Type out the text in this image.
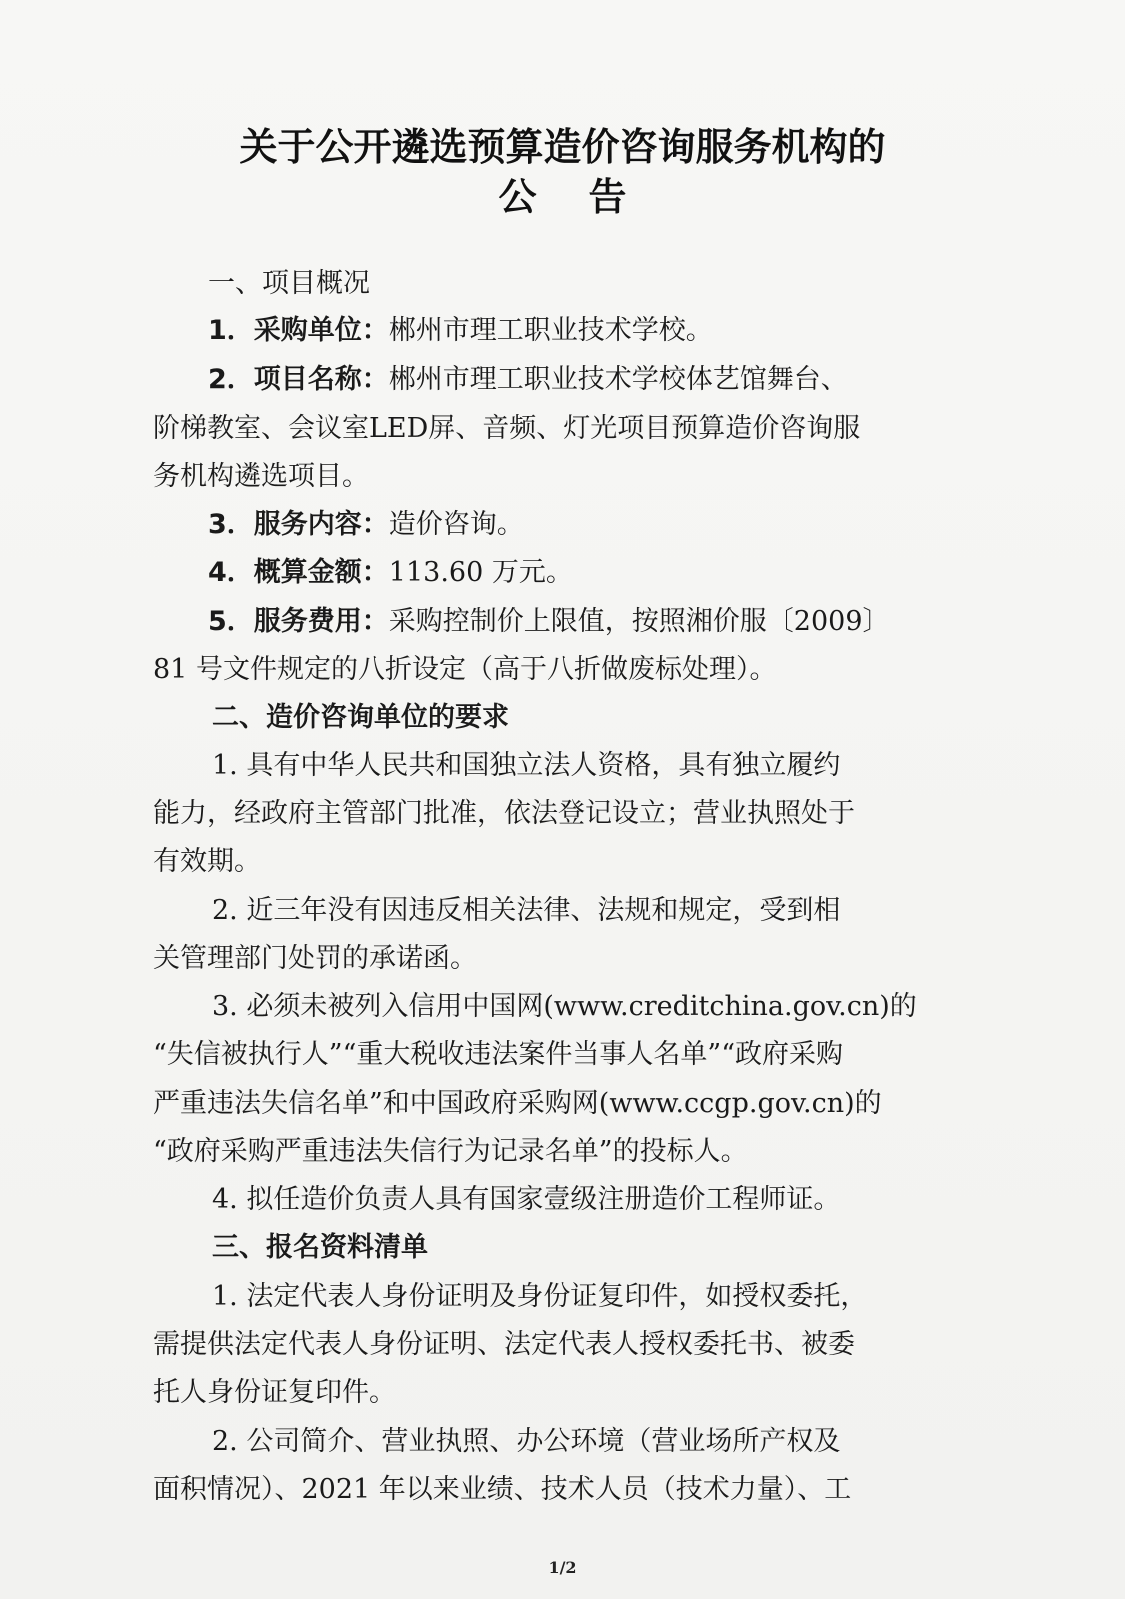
关于公开遴选预算造价咨询服务机构的
公告
一、项目概况
1．采购单位：郴州市理工职业技术学校。
2．项目名称：郴州市理工职业技术学校体艺馆舞台、
阶梯教室、会议室LED屏、音频、灯光项目预算造价咨询服
务机构遴选项目。
3．服务内容：造价咨询。
4．概算金额：113.60 万元。
5．服务费用：采购控制价上限值，按照湘价服〔2009〕
81 号文件规定的八折设定（高于八折做废标处理）。
二、造价咨询单位的要求
1. 具有中华人民共和国独立法人资格，具有独立履约
能力，经政府主管部门批准，依法登记设立；营业执照处于
有效期。
2. 近三年没有因违反相关法律、法规和规定，受到相
关管理部门处罚的承诺函。
3. 必须未被列入信用中国网(www.creditchina.gov.cn)的
“失信被执行人”“重大税收违法案件当事人名单”“政府采购
严重违法失信名单”和中国政府采购网(www.ccgp.gov.cn)的
“政府采购严重违法失信行为记录名单”的投标人。
4. 拟任造价负责人具有国家壹级注册造价工程师证。
三、报名资料清单
1. 法定代表人身份证明及身份证复印件，如授权委托，
需提供法定代表人身份证明、法定代表人授权委托书、被委
托人身份证复印件。
2. 公司简介、营业执照、办公环境（营业场所产权及
面积情况）、2021 年以来业绩、技术人员（技术力量）、工
1/2
